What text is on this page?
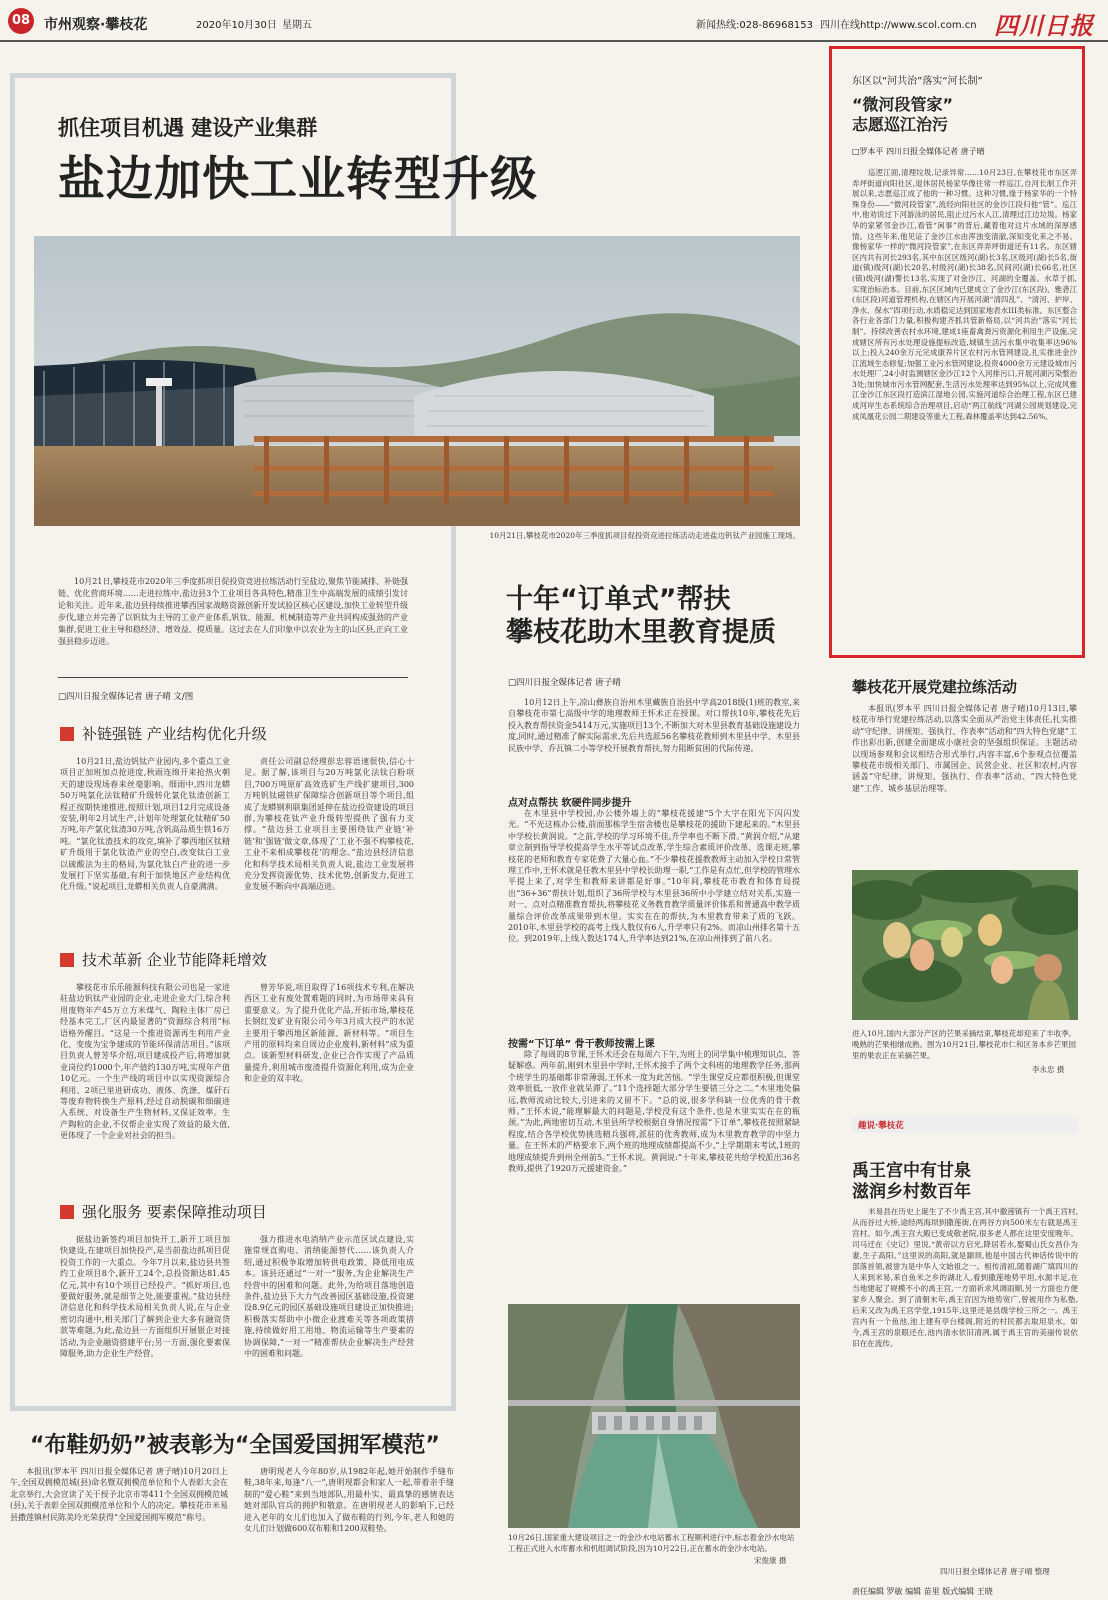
08 市州观察·攀枝花	2020年10月30日 星期五	新闻热线:028-86968153 四川在线http://www.scol.com.cn 四川日报
抓住项目机遇 建设产业集群
盐边加快工业转型升级
10月21日,攀枝花市2020年三季度抓项目促投资竞进拉练活动走进盐边钒钛产业园施工现场。
10月21日,攀枝花市2020年三季度抓项目促投资竞进拉练活动行至盐边,聚焦节能减排、补链强链、优化营商环境……走进拉练中,盐边县3个工业项目各具特色,精准卫生中高端发展的成绩引发讨论和关注。近年来,盐边县持续推进攀西国家战略资源创新开发试验区核心区建设,加快工业转型升级步伐,建立并完善了以钒钛为主导的工业产业体系,钒钛、能源、机械制造等产业共同构成强劲的产业集群,促进工业主导和稳经济、增效益、提质量。这过去在人们印象中以农业为主的山区县,正向工业强县稳步迈进。
□四川日报全媒体记者 唐子晴 文/图
补链强链 产业结构优化升级
10月21日,盐边钒钛产业园内,多个重点工业项目正加班加点抢进度,秋雨连绵开来抢热火朝天的建设现场春来丝毫影响。细雨中,四川龙蟒50万吨氯化法钛精矿升级转化氯化钛渣创新工程正按期快速推进,按照计划,项目12月完成设备安装,明年2月试生产,计划年处理氯化钛精矿50万吨,年产氯化钛渣30万吨,含钒高品质生铁16万吨。“氯化钛渣技术的攻克,填补了攀西地区钛精矿升级用于氯化钛渣产业的空白,改变钛白工业以硫酸法为主的格局,为氯化钛白产业的进一步发展打下坚实基础,有利于加快地区产业结构优化升级。”说起项目,龙蟒相关负责人自豪满满。
责任公司副总经理彭忠蓉语速很快,信心十足。据了解,该项目与20万吨氯化法钛白粉项目,700万吨原矿高效选矿生产线扩建项目,300万吨钒钛磁铁矿保障综合创新项目等个项目,组成了龙蟒钢利联集团延伸在盐边投资建设的项目群,为攀枝花钛产业升级转型提供了强有力支撑。“盐边县工业项目主要围绕钛产业链‘补链’和‘强链’做文章,体现了‘工业不强不构攀枝花,工业不来相成攀枝花’的理念。”盐边县经济信息化和科学技术局相关负责人说,盐边工业发展将充分发挥资源优势、技术优势,创新发力,促进工业发展不断向中高端迈进。
技术革新 企业节能降耗增效
攀枝花市乐乐能源科技有限公司也是一家进驻盐边钒钛产业园的企业,走进企业大门,综合利用废物年产45万立方米煤气、陶粒主体厂房已经基本完工,厂区内最显著的“资源综合利用”标语格外醒目。“这是一个推进资源再生利用产业化、变废为宝争建成的节能环保清洁项目。”该项目负责人曾芳华介绍,项目建成投产后,将增加就业岗位约1000个,年产值约130万吨,实现年产值10亿元。一个生产线的项目中以实现资源综合利用、2项已里进研成功、液体、洗涤、煤矸石等废弃物转换生产原料,经过自动脱碳和细碳进入系统、对设备生产生物材料,又保证效率。生产陶粒的企业,不仅帮企业实现了效益的最大值,更体现了一个企业对社会的担当。
曾芳华说,项目取得了16项技术专利,在解决西区工业有废处置难题的同时,为市场带来具有重要意义。为了提升优化产品,开拓市场,攀枝花长钢红发矿业有限公司今年3月成大投产的水泥主要用于攀西地区新能源、新材料等。“项目生产用的原料均来自周边企业废料,新材料”成为重点。该新型材料研发,企业已合作实现了产品质量提升,利用城市废渣提升资源化利用,成为企业和企业的双丰收。
强化服务 要素保障推动项目
据盐边新签约项目加快开工,新开工项目加快建设,在建项目加快投产,是当前盐边抓项目促投资工作的一大重点。今年7月以来,盐边县共签约工业项目8个,新开工24个,总投资额达81.45亿元,其中有10个项目已经投产。“抓好项目,也要做好服务,就是细节之处,能要重视。”盐边县经济信息化和科学技术局相关负责人说,在与企业密切沟通中,相关部门了解到企业大多有融资贷款等难题,为此,盐边县一方面组织开展银企对接活动,为企业融资搭建平台;另一方面,强化要素保障服务,助力企业生产经营。
强力推进水电消纳产业示范区试点建设,实施常规直购电、消纳能源替代……该负责人介绍,通过积极争取增加转供电政策、降低用电成本。该县还通过“一对一”服务,为企业解决生产经营中的困难和问题。此外,为给项目落地创造条件,盐边县下大力气改善园区基础设施,投资建设8.9亿元的园区基础设施项目建设正加快推进;积极落实帮助中小微企业渡难关等各项政策措施,持续做好用工用地、物流运输等生产要素的协调保障,“一对一”精准帮扶企业解决生产经营中的困难和问题。
“布鞋奶奶”被表彰为“全国爱国拥军模范”
本报讯(罗本平 四川日报全媒体记者 唐子晴)10月20日上午,全国双拥模范城(县)命名暨双拥模范单位和个人表彰大会在北京举行,大会宣读了关于授予北京市等411个全国双拥模范城(县),关于表彰全国双拥模范单位和个人的决定。攀枝花市米易县撒莲镇村民陈美玲光荣获得“全国爱国拥军模范”称号。
唐明现老人今年80岁,从1982年起,她开始制作手缝布鞋,38年来,每逢“八一”,唐明现都会和家人一起,带着亲手缝制的“爱心鞋”来到当地部队,用最朴实、最真挚的感情表达她对部队官兵的拥护和敬意。在唐明现老人的影响下,已经进入老年的女儿们也加入了做布鞋的行列,今年,老人和她的女儿们计划做600双布鞋和1200双鞋垫。
十年“订单式”帮扶
攀枝花助木里教育提质
□四川日报全媒体记者 唐子晴
10月12日上午,凉山彝族自治州木里藏族自治县中学高2018级(1)班的教室,来自攀枝花市第七高级中学的地理教师王怀术正在授课。对口帮扶10年,攀枝花先后投入教育帮扶资金5414万元,实施项目13个,不断加大对木里县教育基础设施建设力度,同时,通过精准了解实际需求,先后共选派56名攀枝花教师到木里县中学、木里县民族中学、乔瓦镇二小等学校开展教育帮扶,努力阻断贫困的代际传递。
点对点帮扶 软硬件同步提升
在木里县中学校园,办公楼外墙上的“攀枝花援建”5个大字在阳光下闪闪发光。“不光这栋办公楼,前面那栋学生宿舍楼也是攀枝花的援助下建起来的。”木里县中学校长黄润说。“之前,学校的学习环境不佳,升学率也不断下滑。”黄润介绍,“从建章立制到指导学校提高学生水平等试点改革,学生综合素质评价改革、选课走班,攀枝花的老师和教育专家花费了大量心血。”不少攀枝花援教教师主动加入学校日常管理工作中,王怀术就是任教木里县中学校长助理一职,“工作是有点忙,但学校的管理水平提上来了,对学生和教师来讲都是好事。”10年间,攀枝花市教育和体育局提出“36+36”帮扶计划,组织了36所学校与木里县36所中小学建立结对关系,实施一对一、点对点精准教育帮扶,将攀枝花义务教育教学质量评价体系和普通高中教学质量综合评价改革成果带到木里。实实在在的帮扶,为木里教育带来了质的飞跃。2010年,木里县学校的高考上线人数仅有6人,升学率只有2%。而凉山州排名第十五位。到2019年,上线人数达174人,升学率达到21%,在凉山州排到了前八名。
按需“下订单” 骨干教师按需上课
除了每周的8节课,王怀术还会在每周六下午,为班上的同学集中梳理知识点、答疑解惑。两年前,刚到木里县中学时,王怀术接手了两个文科班的地理教学任务,那两个班学生的基础都非常薄弱,王怀术一度为此苦恼。“学生课堂反应都很积极,但课堂效率很低,一放作业就呆滞了。”11个选择题大部分学生要错三分之二。”木里地处偏远,教师流动比较大,引进来的又留不下。“总的说,很多学科缺一位优秀的骨干教师。”王怀术说,“能理解最大的问题是,学校没有这个条件,也是木里实实在在的瓶颈。”为此,两地密切互动,木里县所学校根据自身情况按需“下订单”,攀枝花按照紧缺程度,结合各学校优势挑选精兵强将,派驻的优秀教师,成为木里教育教学的中坚力量。在王怀术的严格要求下,两个班的地理成绩都提高不少,“上学期期末考试,1班的地理成绩提升到州全州前5。”王怀术说。黄润说:“十年来,攀枝花共给学校派出36名教师,提供了1920万元援建资金。”
10月26日,国家重大建设项目之一的金沙水电站蓄水工程顺利进行中,标志着金沙水电站工程正式进入水库蓄水和机组调试阶段,因为10月22日,正在蓄水的金沙水电站。
宋俊康 摄
东区以“河共治”落实“河长制”
“微河段管家”
志愿巡江治污
□罗本平 四川日报全媒体记者 唐子晴
巡逻江面,清理垃圾,记录异常……10月23日,在攀枝花市东区弄弄坪街道向阳社区,退休居民杨家华像往常一样巡江,自河长制工作开展以来,志愿巡江成了他的一种习惯。这种习惯,缘于杨家华的一个特殊身份——“微河段管家”,流经向阳社区的金沙江段归他“管”。巡江中,他劝说过下河游泳的居民,阻止过污水入江,清理过江边垃圾。杨家华的家紧邻金沙江,看管“闲事”的背后,藏着他对这片水域的深厚感情。这些年来,他见证了金沙江水由浑浊变清澈,深知变化来之不易。像杨家华一样的“微河段管家”,在东区弄弄坪街道还有11名。东区辖区内共有河长293名,其中东区区级河(湖)长3名,区级河(湖)长5名,街道(镇)级河(湖)长20名,村级河(湖)长38名,民间河(湖)长66名,社区(镇)级河(湖)警长13名,实现了对金沙江、河湖的全覆盖。水草于抓,实现治标治本。目前,东区区域内已建成立了金沙江(东区段)、雅砻江(东区段)河道管理机构,在辖区内开展河湖“清四乱”、“清河、护岸、净水、保水”四项行动,水质稳定达到国家地表水III类标准。东区整合各行业各部门力量,积极构建齐抓共管新格局,以“河共治”落实“河长制”。持续改善农村水环境,建成1座畜禽粪污资源化利用生产设施,完成辖区所有污水处理设施提标改造,城镇生活污水集中收集率达96%以上;投入240余万元完成康养片区农村污水管网建设,扎实推进金沙江流域生态修复;加强工业污水管网建设,投资4000余万元建设城市污水处理厂,24小时监测辖区金沙江12个入河排污口,开展河湖污染整治3处;加快城市污水管网配套,生活污水处理率达到95%以上,完成风雅江金沙江东区段打造滨江湿地公园,实施河道综合治理工程,东区已建成河岸生态系统综合治理项目,启动“两江航线”河湖公园规划建设,完成凤凰花公园二期建设等重大工程,森林覆盖率达到42.56%。
攀枝花开展党建拉练活动
本报讯(罗本平 四川日报全媒体记者 唐子晴)10月13日,攀枝花市举行党建拉练活动,以落实全面从严治党主体责任,扎实推动“守纪律、讲规矩、强执行、作表率”活动和“四大特色党建”工作出彩出新,创建全面建成小康社会的坚强组织保证。主题活动以现场参观和会议相结合形式举行,内容丰富,6个参观点位覆盖攀枝花市级相关部门、市属国企、民营企业、社区和农村,内容涵盖“守纪律、讲规矩、强执行、作表率”活动、“四大特色党建”工作、城乡基层治理等。
进入10月,国内大部分产区的芒果采摘结束,攀枝花却迎来了丰收季,晚熟的芒果相继成熟。图为10月21日,攀枝花市仁和区务本乡芒果园里的果农正在采摘芒果。
李永忠 摄
趣说·攀枝花
禹王宫中有甘泉
滋润乡村数百年
米易县在历史上诞生了不少禹王宫,其中撒莲镇有一个禹王宫村,从而谷过大桥,途经两海坝到撒莲街,在两谷方向500米左右就是禹王宫村。如今,禹王宫大殿已变成敬老院,很多老人都在这里安度晚年。司马迁在《史记》里说,“黄帝以方启光,降居若水,娶蜀山氏女昌仆为妻,生子高阳。”这里说的高阳,就是颛顼,他是中国古代神话传说中的部落首领,被誉为是中华人文始祖之一。相传清初,随着湖广填四川的人来到米易,来自鱼米之乡的湖北人,看到撒莲地势平坦,水源丰足,在当地建起了规模不小的禹王宫,一方面祈求风调雨顺,另一方面也方便家乡人聚会。到了清朝末年,禹王宫因为地势宽广,曾被用作为私塾,后来又改为禹王宫学堂,1915年,这里还是县级学校三所之一。禹王宫内有一个鱼池,池上建有亭台楼阁,附近的村民都去取用泉水。如今,禹王宫的泉眼还在,池内清水依旧清冽,属于禹王宫的美丽传说依旧在在流传。
四川日报全媒体记者 唐子晴 整理
责任编辑 罗敏 编辑 苗里 版式编辑 王晓
